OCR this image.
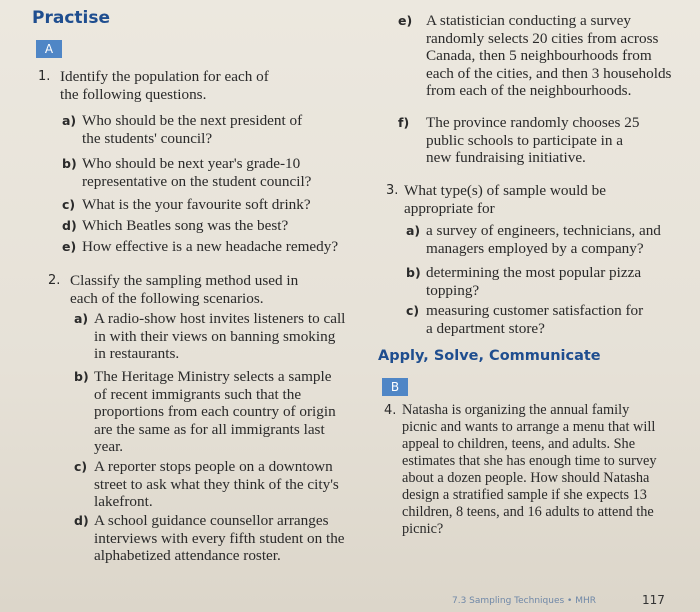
Practise
A
1. Identify the population for each of the following questions.
a) Who should be the next president of the students' council?
b) Who should be next year's grade-10 representative on the student council?
c) What is the your favourite soft drink?
d) Which Beatles song was the best?
e) How effective is a new headache remedy?
2. Classify the sampling method used in each of the following scenarios.
a) A radio-show host invites listeners to call in with their views on banning smoking in restaurants.
b) The Heritage Ministry selects a sample of recent immigrants such that the proportions from each country of origin are the same as for all immigrants last year.
c) A reporter stops people on a downtown street to ask what they think of the city's lakefront.
d) A school guidance counsellor arranges interviews with every fifth student on the alphabetized attendance roster.
e) A statistician conducting a survey randomly selects 20 cities from across Canada, then 5 neighbourhoods from each of the cities, and then 3 households from each of the neighbourhoods.
f)	The province randomly chooses 25 public schools to participate in a new fundraising initiative.
3. What type(s) of sample would be appropriate for
a) a survey of engineers, technicians, and managers employed by a company?
b) determining the most popular pizza topping?
c) measuring customer satisfaction for a department store?
Apply, Solve, Communicate
B
4. Natasha is organizing the annual family picnic and wants to arrange a menu that will appeal to children, teens, and adults. She estimates that she has enough time to survey about a dozen people. How should Natasha design a stratified sample if she expects 13 children, 8 teens, and 16 adults to attend the picnic?
7.3 Sampling Techniques • MHR	117
